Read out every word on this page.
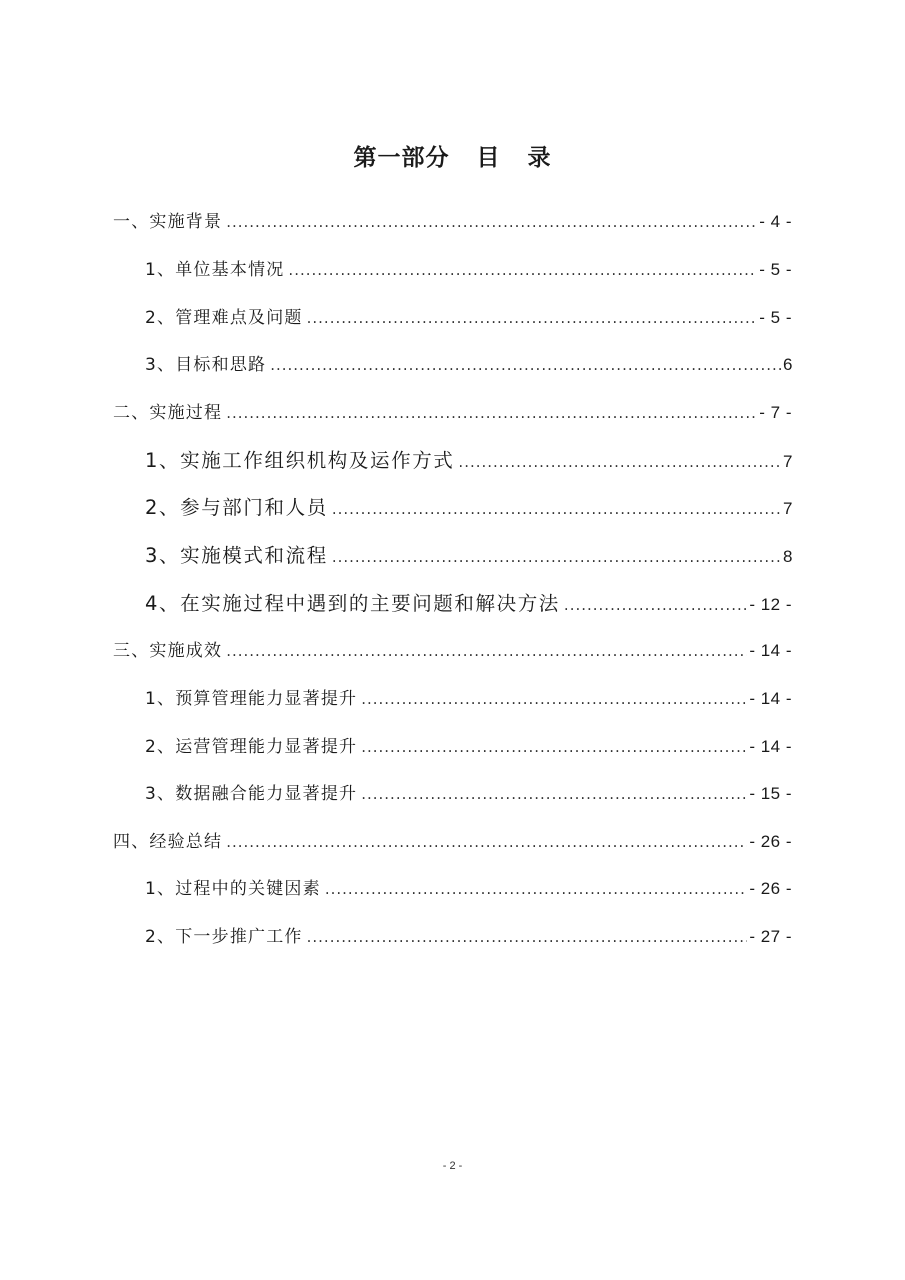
第一部分   目   录
一、实施背景 .....	- 4 -
1、单位基本情况 .....	- 5 -
2、管理难点及问题 .....	- 5 -
3、目标和思路 .....	6
二、实施过程 .....	- 7 -
1、实施工作组织机构及运作方式 .....	7
2、参与部门和人员 .....	7
3、实施模式和流程 .....	8
4、在实施过程中遇到的主要问题和解决方法 .....	- 12 -
三、实施成效 .....	- 14 -
1、预算管理能力显著提升 .....	- 14 -
2、运营管理能力显著提升 .....	- 14 -
3、数据融合能力显著提升 .....	- 15 -
四、经验总结 .....	- 26 -
1、过程中的关键因素 .....	- 26 -
2、下一步推广工作 .....	- 27 -
- 2 -
